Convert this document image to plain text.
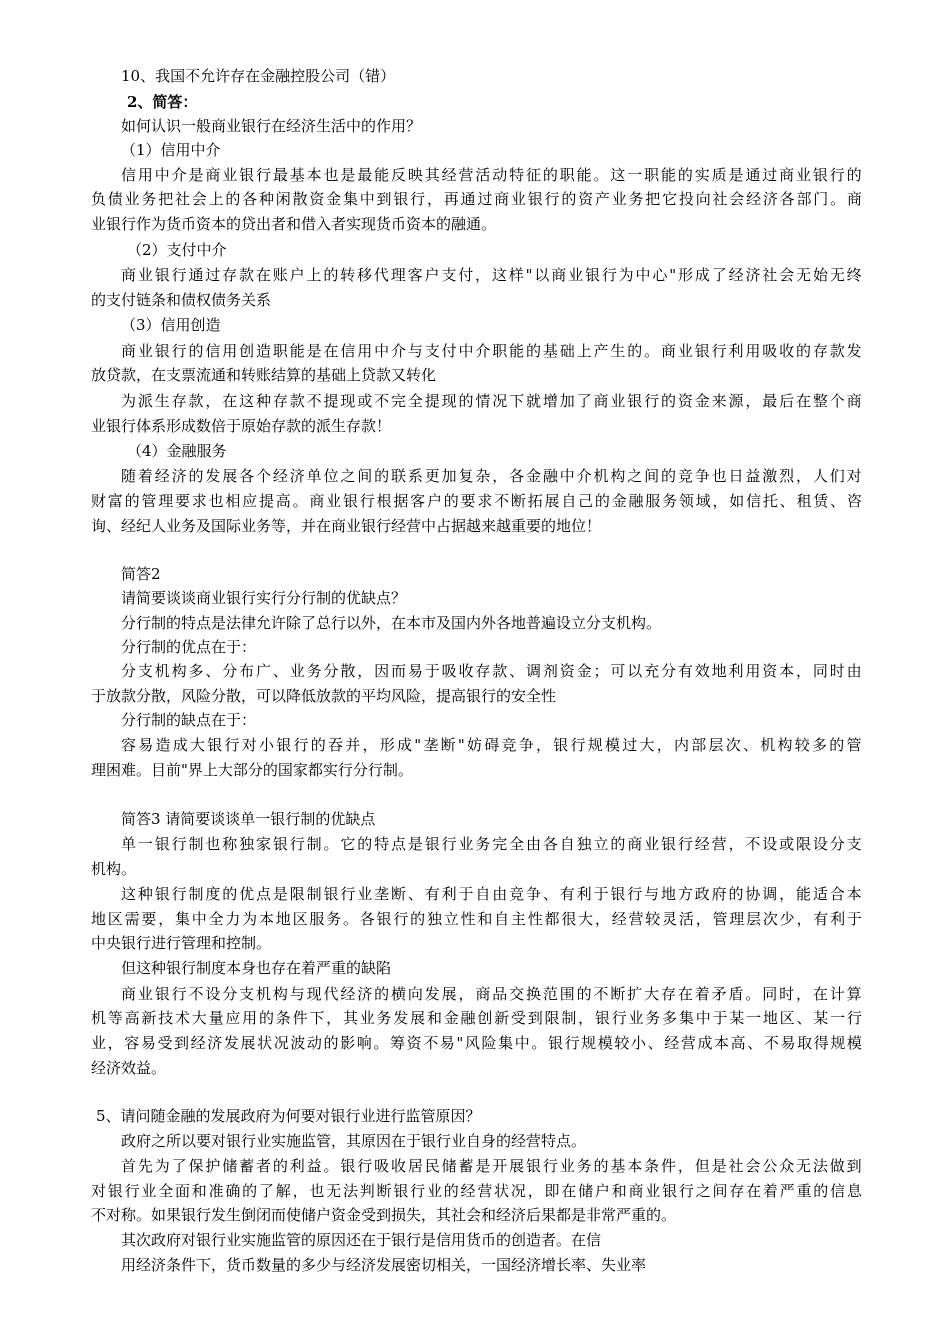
10、我国不允许存在金融控股公司（错）
2、简答：
如何认识一般商业银行在经济生活中的作用？
（1）信用中介
信 用 中 介 是 商 业 银 行 最 基 本 也 是 最 能 反 映 其 经 营 活 动 特 征 的 职 能 。 这 一 职 能 的 实 质 是 通 过 商 业 银 行 的
负 债 业 务 把 社 会 上 的 各 种 闲 散 资 金 集 中 到 银 行 ， 再 通 过 商 业 银 行 的 资 产 业 务 把 它 投 向 社 会 经 济 各 部 门 。 商
业银行作为货币资本的贷出者和借入者实现货币资本的融通。
（2）支付中介
商 业 银 行 通 过 存 款 在 账 户 上 的 转 移 代 理 客 户 支 付 ， 这 样 " 以 商 业 银 行 为 中 心 " 形 成 了 经 济 社 会 无 始 无 终
的支付链条和债权债务关系
（3）信用创造
商 业 银 行 的 信 用 创 造 职 能 是 在 信 用 中 介 与 支 付 中 介 职 能 的 基 础 上 产 生 的 。 商 业 银 行 利 用 吸 收 的 存 款 发
放贷款，在支票流通和转账结算的基础上贷款又转化
为 派 生 存 款 ， 在 这 种 存 款 不 提 现 或 不 完 全 提 现 的 情 况 下 就 增 加 了 商 业 银 行 的 资 金 来 源 ， 最 后 在 整 个 商
业银行体系形成数倍于原始存款的派生存款！
（4）金融服务
随 着 经 济 的 发 展 各 个 经 济 单 位 之 间 的 联 系 更 加 复 杂 ， 各 金 融 中 介 机 构 之 间 的 竞 争 也 日 益 激 烈 ， 人 们 对
财 富 的 管 理 要 求 也 相 应 提 高 。 商 业 银 行 根 据 客 户 的 要 求 不 断 拓 展 自 己 的 金 融 服 务 领 域 ， 如 信 托 、 租 赁 、 咨
询、经纪人业务及国际业务等，并在商业银行经营中占据越来越重要的地位！
简答2
请简要谈谈商业银行实行分行制的优缺点？
分行制的特点是法律允许除了总行以外，在本市及国内外各地普遍设立分支机构。
分行制的优点在于：
分 支 机 构 多 、 分 布 广 、 业 务 分 散 ， 因 而 易 于 吸 收 存 款 、 调 剂 资 金 ； 可 以 充 分 有 效 地 利 用 资 本 ， 同 时 由
于放款分散，风险分散，可以降低放款的平均风险，提高银行的安全性
分行制的缺点在于：
容 易 造 成 大 银 行 对 小 银 行 的 吞 并 ， 形 成 " 垄 断 " 妨 碍 竞 争 ， 银 行 规 模 过 大 ， 内 部 层 次 、 机 构 较 多 的 管
理困难。目前"界上大部分的国家都实行分行制。
简答3 请简要谈谈单一银行制的优缺点
单 一 银 行 制 也 称 独 家 银 行 制 。 它 的 特 点 是 银 行 业 务 完 全 由 各 自 独 立 的 商 业 银 行 经 营 ， 不 设 或 限 设 分 支
机构。
这 种 银 行 制 度 的 优 点 是 限 制 银 行 业 垄 断 、 有 利 于 自 由 竞 争 、 有 利 于 银 行 与 地 方 政 府 的 协 调 ， 能 适 合 本
地 区 需 要 ， 集 中 全 力 为 本 地 区 服 务 。 各 银 行 的 独 立 性 和 自 主 性 都 很 大 ， 经 营 较 灵 活 ， 管 理 层 次 少 ， 有 利 于
中央银行进行管理和控制。
但这种银行制度本身也存在着严重的缺陷
商 业 银 行 不 设 分 支 机 构 与 现 代 经 济 的 横 向 发 展 ， 商 品 交 换 范 围 的 不 断 扩 大 存 在 着 矛 盾 。 同 时 ， 在 计 算
机 等 高 新 技 术 大 量 应 用 的 条 件 下 ， 其 业 务 发 展 和 金 融 创 新 受 到 限 制 ， 银 行 业 务 多 集 中 于 某 一 地 区 、 某 一 行
业 ， 容 易 受 到 经 济 发 展 状 况 波 动 的 影 响 。 筹 资 不 易 " 风 险 集 中 。 银 行 规 模 较 小 、 经 营 成 本 高 、 不 易 取 得 规 模
经济效益。
5、请问随金融的发展政府为何要对银行业进行监管原因？
政府之所以要对银行业实施监管，其原因在于银行业自身的经营特点。
首 先 为 了 保 护 储 蓄 者 的 利 益 。 银 行 吸 收 居 民 储 蓄 是 开 展 银 行 业 务 的 基 本 条 件 ， 但 是 社 会 公 众 无 法 做 到
对 银 行 业 全 面 和 准 确 的 了 解 ， 也 无 法 判 断 银 行 业 的 经 营 状 况 ， 即 在 储 户 和 商 业 银 行 之 间 存 在 着 严 重 的 信 息
不对称。如果银行发生倒闭而使储户资金受到损失，其社会和经济后果都是非常严重的。
其次政府对银行业实施监管的原因还在于银行是信用货币的创造者。在信
用经济条件下，货币数量的多少与经济发展密切相关，一国经济增长率、失业率
